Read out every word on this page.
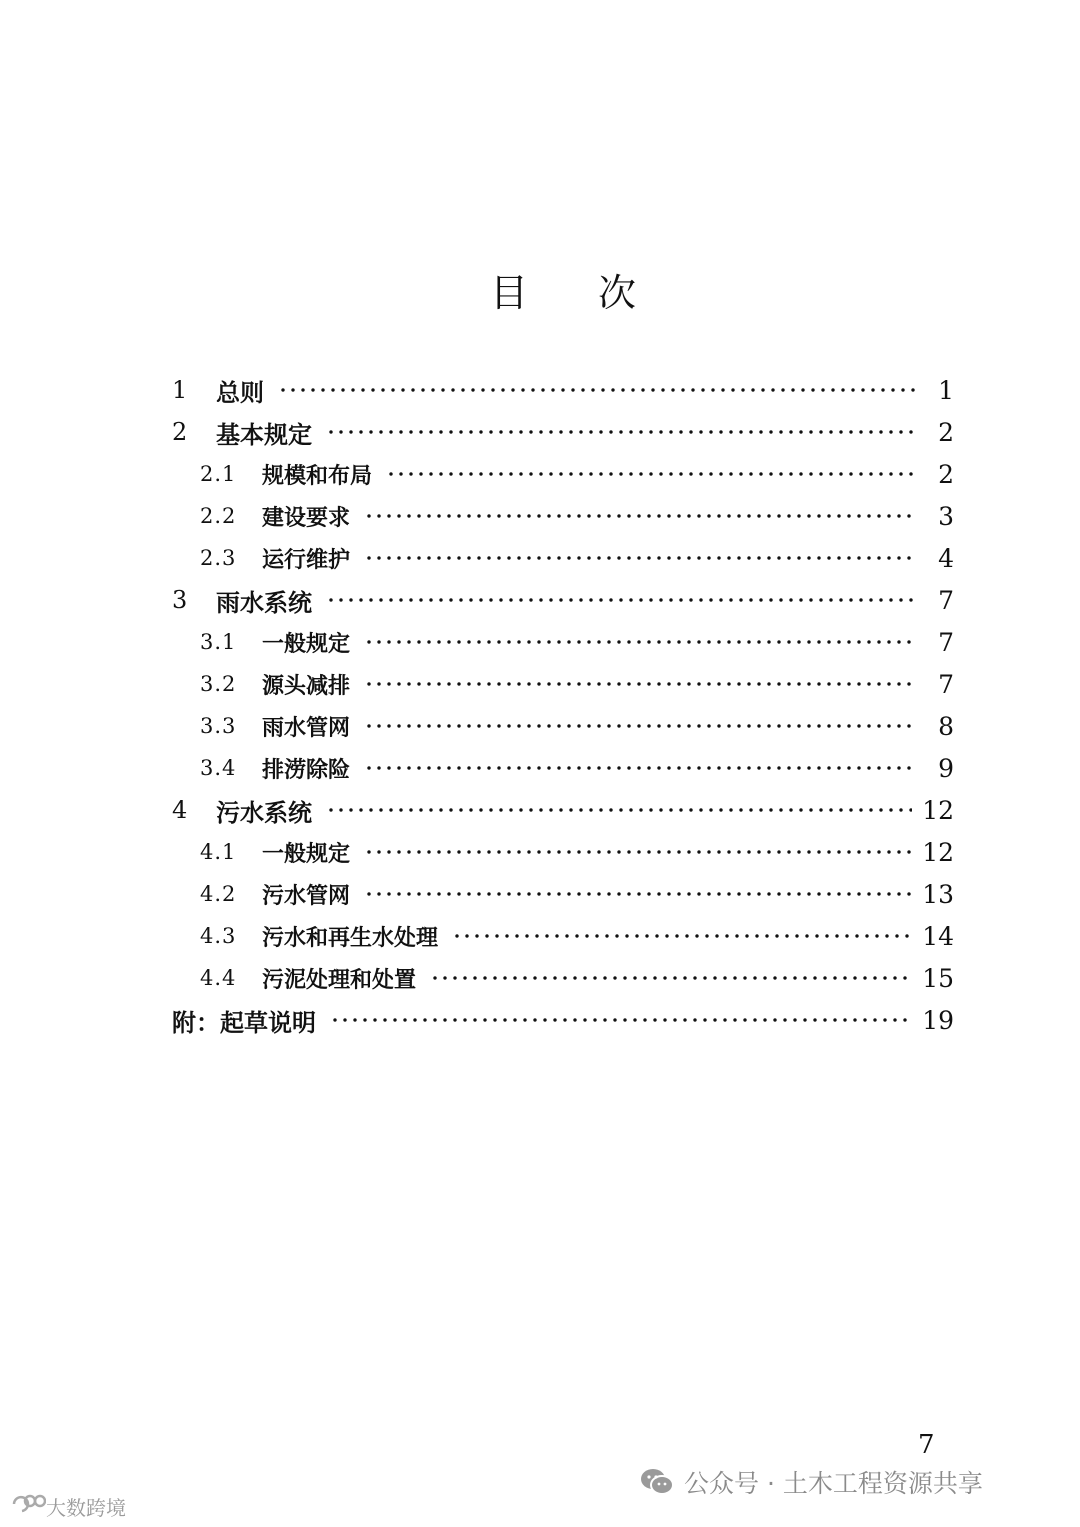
目 次
1	总则	1
2	基本规定	2
2.1	规模和布局	2
2.2	建设要求	3
2.3	运行维护	4
3	雨水系统	7
3.1	一般规定	7
3.2	源头减排	7
3.3	雨水管网	8
3.4	排涝除险	9
4	污水系统	12
4.1	一般规定	12
4.2	污水管网	13
4.3	污水和再生水处理	14
4.4	污泥处理和处置	15
附：起草说明	19
7
公众号 · 土木工程资源共享
大数跨境
